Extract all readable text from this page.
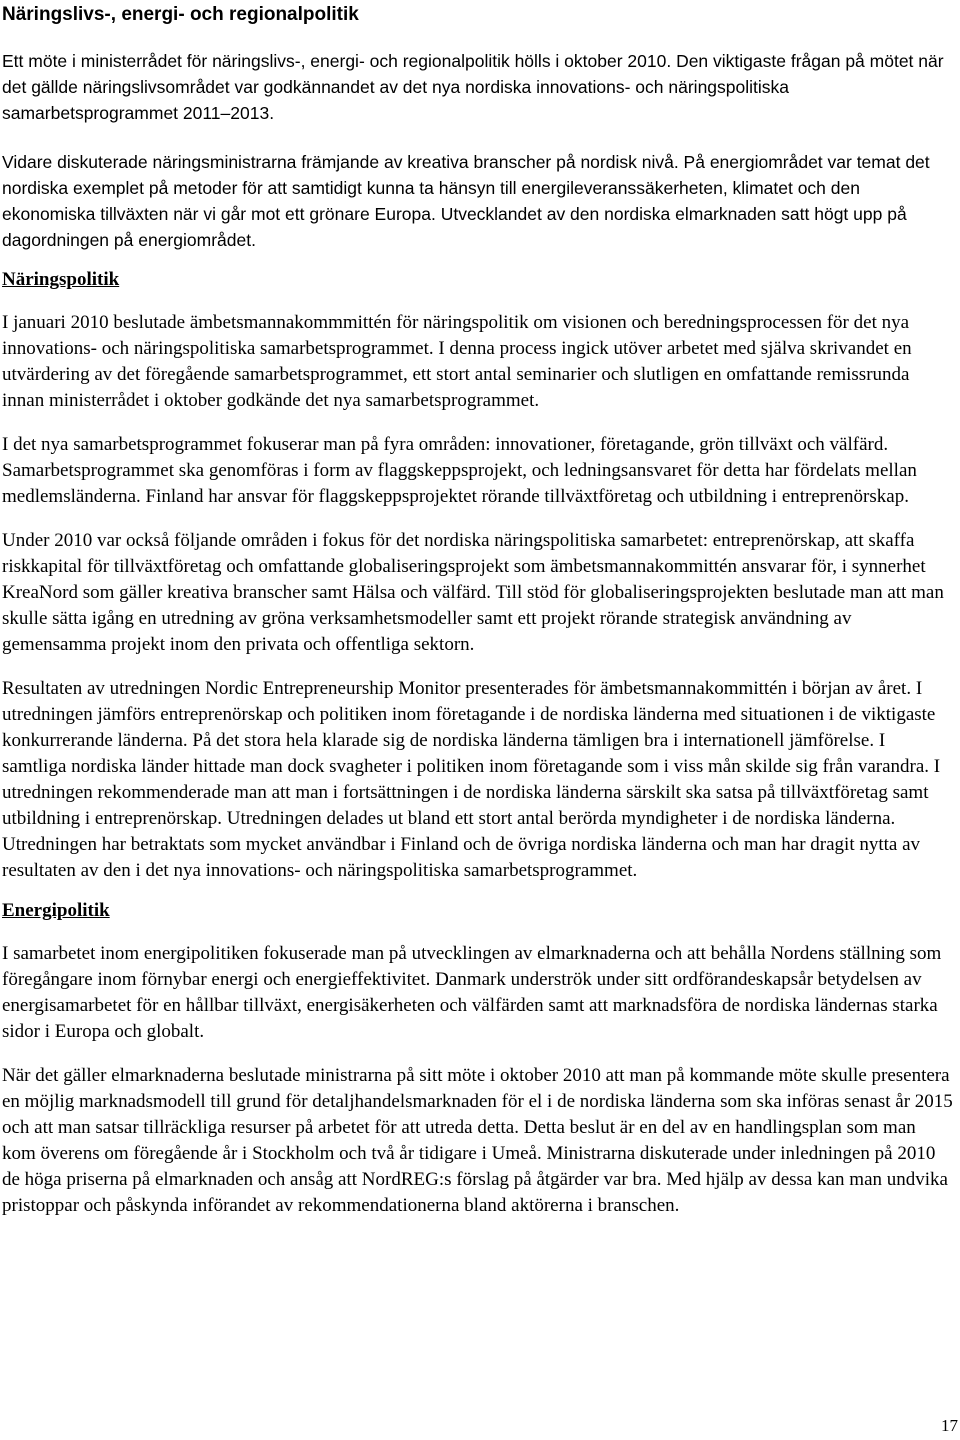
Näringslivs-, energi- och regionalpolitik

Ett möte i ministerrådet för näringslivs-, energi- och regionalpolitik hölls i oktober 2010. Den viktigaste frågan på mötet när det gällde näringslivsområdet var godkännandet av det nya nordiska innovations- och näringspolitiska samarbetsprogrammet 2011–2013.

Vidare diskuterade näringsministrarna främjande av kreativa branscher på nordisk nivå. På energiområdet var temat det nordiska exemplet på metoder för att samtidigt kunna ta hänsyn till energileveranssäkerheten, klimatet och den ekonomiska tillväxten när vi går mot ett grönare Europa. Utvecklandet av den nordiska elmarknaden satt högt upp på dagordningen på energiområdet.

Näringspolitik

I januari 2010 beslutade ämbetsmannakommmittén för näringspolitik om visionen och beredningsprocessen för det nya innovations- och näringspolitiska samarbetsprogrammet. I denna process ingick utöver arbetet med själva skrivandet en utvärdering av det föregående samarbetsprogrammet, ett stort antal seminarier och slutligen en omfattande remissrunda innan ministerrådet i oktober godkände det nya samarbetsprogrammet.

I det nya samarbetsprogrammet fokuserar man på fyra områden: innovationer, företagande, grön tillväxt och välfärd. Samarbetsprogrammet ska genomföras i form av flaggskeppsprojekt, och ledningsansvaret för detta har fördelats mellan medlemsländerna. Finland har ansvar för flaggskeppsprojektet rörande tillväxtföretag och utbildning i entreprenörskap.

Under 2010 var också följande områden i fokus för det nordiska näringspolitiska samarbetet: entreprenörskap, att skaffa riskkapital för tillväxtföretag och omfattande globaliseringsprojekt som ämbetsmannakommittén ansvarar för, i synnerhet KreaNord som gäller kreativa branscher samt Hälsa och välfärd. Till stöd för globaliseringsprojekten beslutade man att man skulle sätta igång en utredning av gröna verksamhetsmodeller samt ett projekt rörande strategisk användning av gemensamma projekt inom den privata och offentliga sektorn.

Resultaten av utredningen Nordic Entrepreneurship Monitor presenterades för ämbetsmannakommittén i början av året. I utredningen jämförs entreprenörskap och politiken inom företagande i de nordiska länderna med situationen i de viktigaste konkurrerande länderna. På det stora hela klarade sig de nordiska länderna tämligen bra i internationell jämförelse. I samtliga nordiska länder hittade man dock svagheter i politiken inom företagande som i viss mån skilde sig från varandra. I utredningen rekommenderade man att man i fortsättningen i de nordiska länderna särskilt ska satsa på tillväxtföretag samt utbildning i entreprenörskap. Utredningen delades ut bland ett stort antal berörda myndigheter i de nordiska länderna. Utredningen har betraktats som mycket användbar i Finland och de övriga nordiska länderna och man har dragit nytta av resultaten av den i det nya innovations- och näringspolitiska samarbetsprogrammet.

Energipolitik

I samarbetet inom energipolitiken fokuserade man på utvecklingen av elmarknaderna och att behålla Nordens ställning som föregångare inom förnybar energi och energieffektivitet. Danmark underströk under sitt ordförandeskapsår betydelsen av energisamarbetet för en hållbar tillväxt, energisäkerheten och välfärden samt att marknadsföra de nordiska ländernas starka sidor i Europa och globalt.

När det gäller elmarknaderna beslutade ministrarna på sitt möte i oktober 2010 att man på kommande möte skulle presentera en möjlig marknadsmodell till grund för detaljhandelsmarknaden för el i de nordiska länderna som ska införas senast år 2015 och att man satsar tillräckliga resurser på arbetet för att utreda detta. Detta beslut är en del av en handlingsplan som man kom överens om föregående år i Stockholm och två år tidigare i Umeå. Ministrarna diskuterade under inledningen på 2010 de höga priserna på elmarknaden och ansåg att NordREG:s förslag på åtgärder var bra. Med hjälp av dessa kan man undvika pristoppar och påskynda införandet av rekommendationerna bland aktörerna i branschen.

17
